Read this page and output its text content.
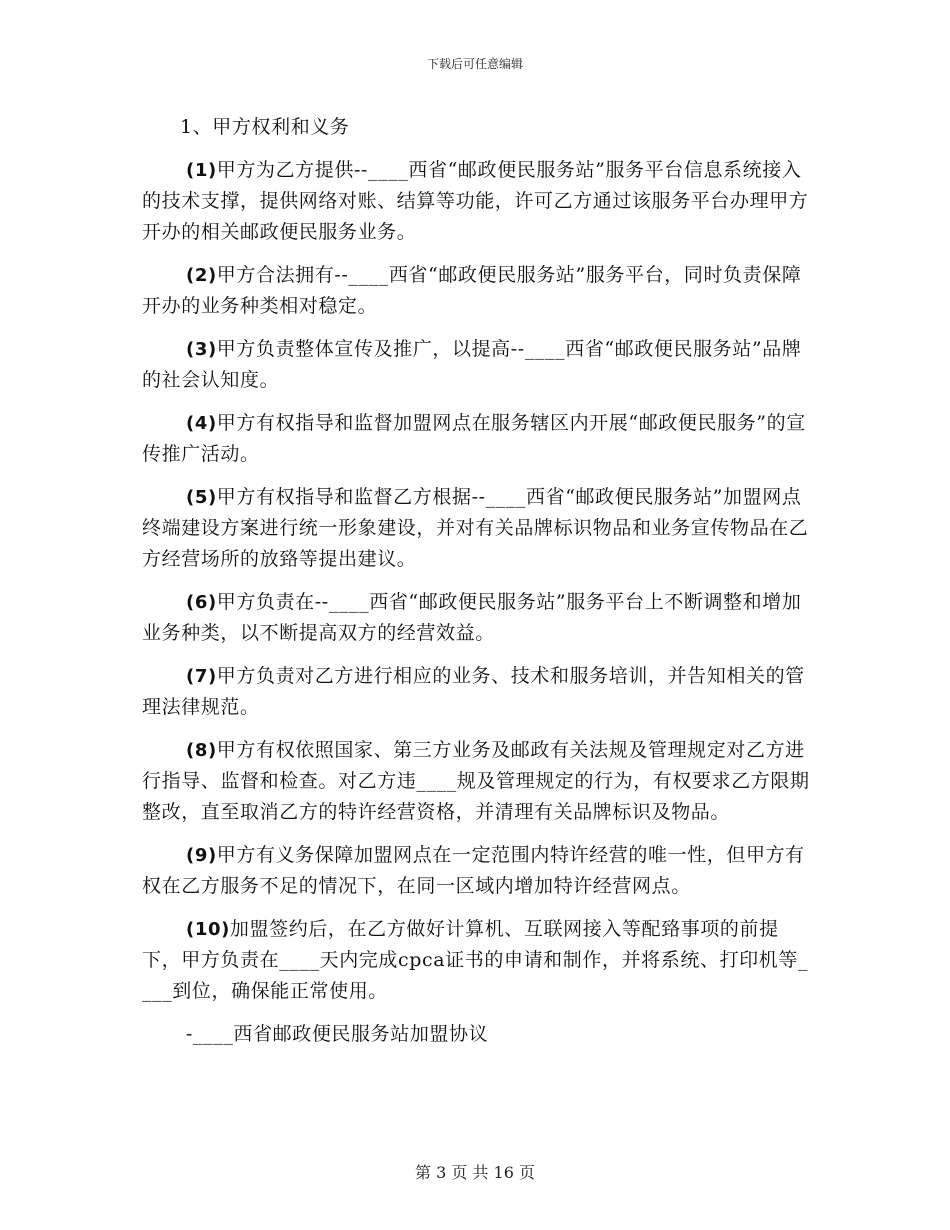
下载后可任意编辑

1、甲方权利和义务

(1)甲方为乙方提供--____西省“邮政便民服务站”服务平台信息系统接入的技术支撑，提供网络对账、结算等功能，许可乙方通过该服务平台办理甲方开办的相关邮政便民服务业务。

(2)甲方合法拥有--____西省“邮政便民服务站”服务平台，同时负责保障开办的业务种类相对稳定。

(3)甲方负责整体宣传及推广，以提高--____西省“邮政便民服务站”品牌的社会认知度。

(4)甲方有权指导和监督加盟网点在服务辖区内开展“邮政便民服务”的宣传推广活动。

(5)甲方有权指导和监督乙方根据--____西省“邮政便民服务站”加盟网点终端建设方案进行统一形象建设，并对有关品牌标识物品和业务宣传物品在乙方经营场所的放臵等提出建议。

(6)甲方负责在--____西省“邮政便民服务站”服务平台上不断调整和增加业务种类，以不断提高双方的经营效益。

(7)甲方负责对乙方进行相应的业务、技术和服务培训，并告知相关的管理法律规范。

(8)甲方有权依照国家、第三方业务及邮政有关法规及管理规定对乙方进行指导、监督和检查。对乙方违____规及管理规定的行为，有权要求乙方限期整改，直至取消乙方的特许经营资格，并清理有关品牌标识及物品。

(9)甲方有义务保障加盟网点在一定范围内特许经营的唯一性，但甲方有权在乙方服务不足的情况下，在同一区域内增加特许经营网点。

(10)加盟签约后，在乙方做好计算机、互联网接入等配臵事项的前提下，甲方负责在____天内完成cpca证书的申请和制作，并将系统、打印机等____到位，确保能正常使用。

-____西省邮政便民服务站加盟协议

第 3 页 共 16 页
